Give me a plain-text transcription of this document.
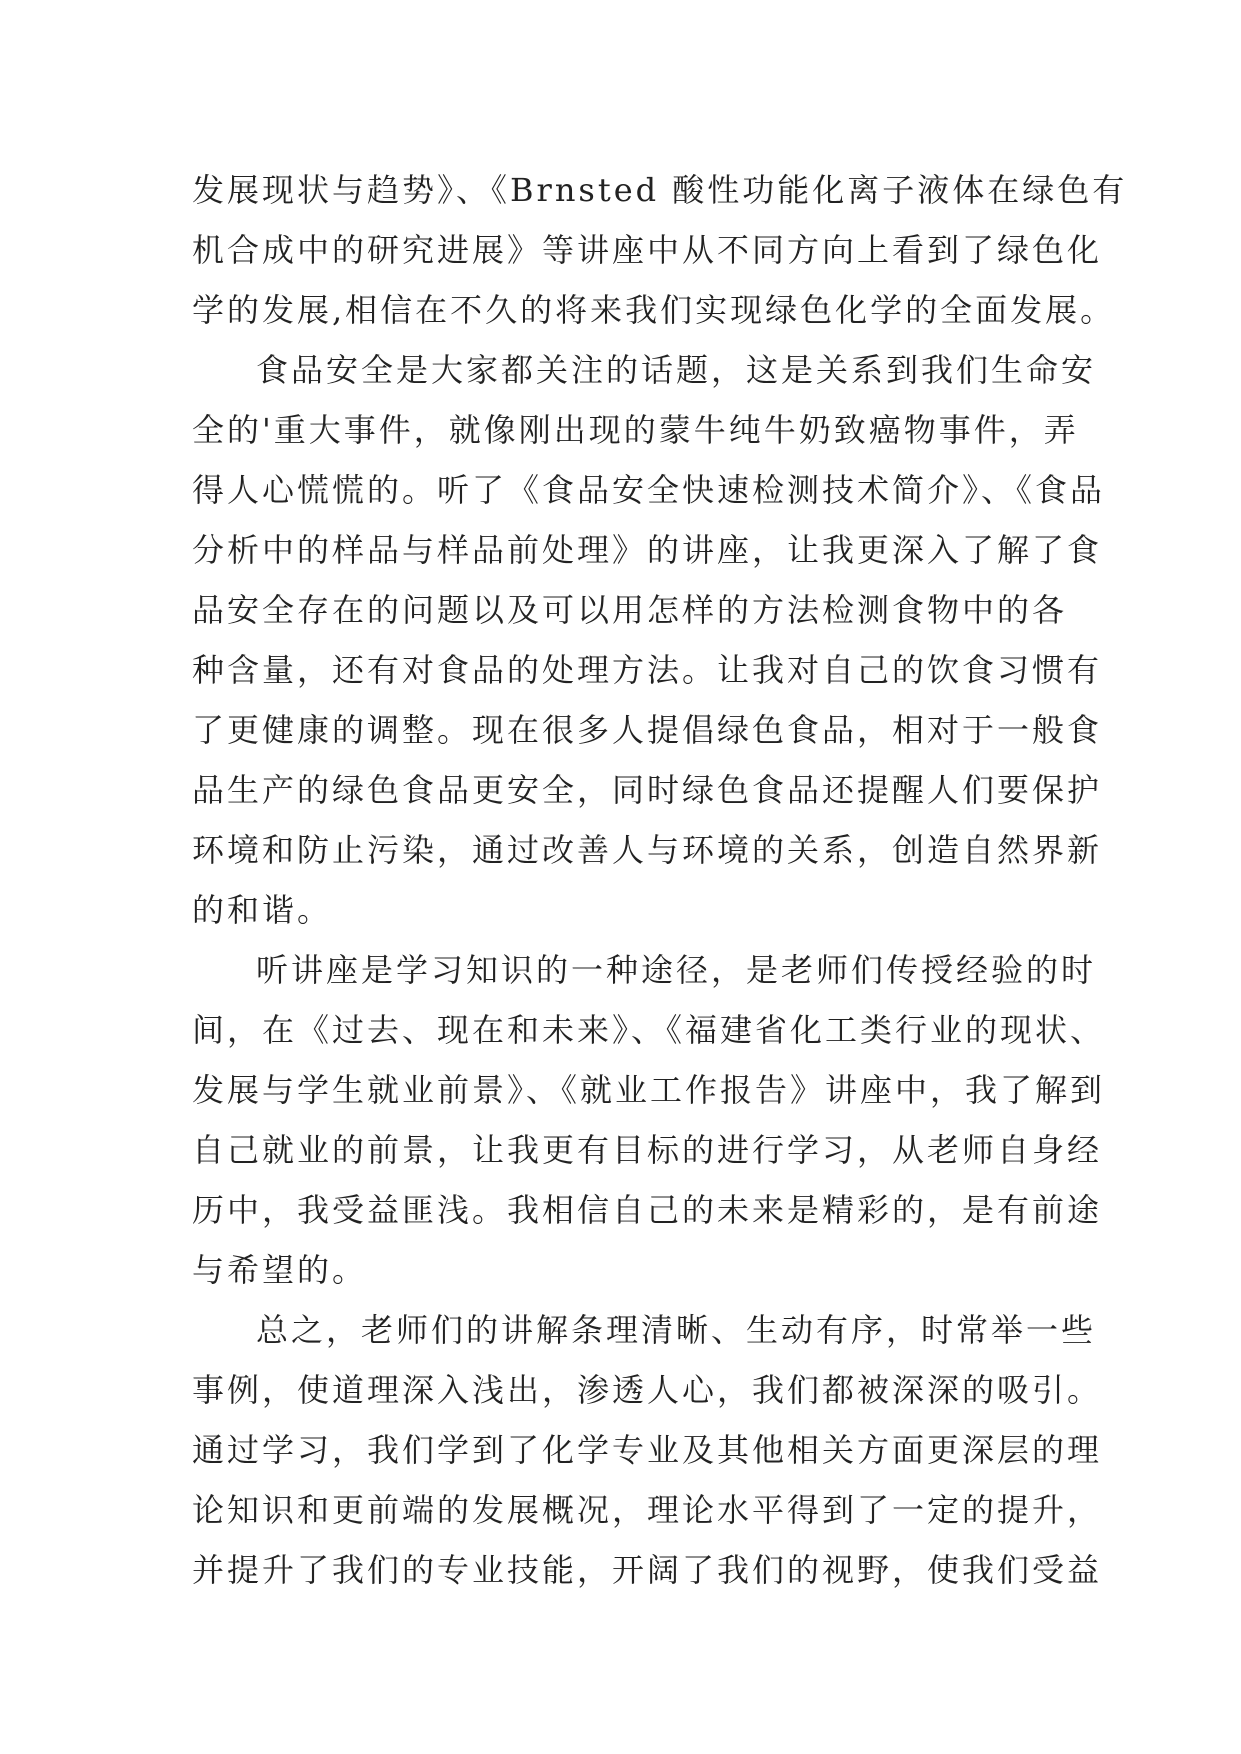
发展现状与趋势》、《Brnsted 酸性功能化离子液体在绿色有
机合成中的研究进展》等讲座中从不同方向上看到了绿色化
学的发展,相信在不久的将来我们实现绿色化学的全面发展。
食品安全是大家都关注的话题，这是关系到我们生命安
全的'重大事件，就像刚出现的蒙牛纯牛奶致癌物事件，弄
得人心慌慌的。听了《食品安全快速检测技术简介》、《食品
分析中的样品与样品前处理》的讲座，让我更深入了解了食
品安全存在的问题以及可以用怎样的方法检测食物中的各
种含量，还有对食品的处理方法。让我对自己的饮食习惯有
了更健康的调整。现在很多人提倡绿色食品，相对于一般食
品生产的绿色食品更安全，同时绿色食品还提醒人们要保护
环境和防止污染，通过改善人与环境的关系，创造自然界新
的和谐。
听讲座是学习知识的一种途径，是老师们传授经验的时
间，在《过去、现在和未来》、《福建省化工类行业的现状、
发展与学生就业前景》、《就业工作报告》讲座中，我了解到
自己就业的前景，让我更有目标的进行学习，从老师自身经
历中，我受益匪浅。我相信自己的未来是精彩的，是有前途
与希望的。
总之，老师们的讲解条理清晰、生动有序，时常举一些
事例，使道理深入浅出，渗透人心，我们都被深深的吸引。
通过学习，我们学到了化学专业及其他相关方面更深层的理
论知识和更前端的发展概况，理论水平得到了一定的提升，
并提升了我们的专业技能，开阔了我们的视野，使我们受益
